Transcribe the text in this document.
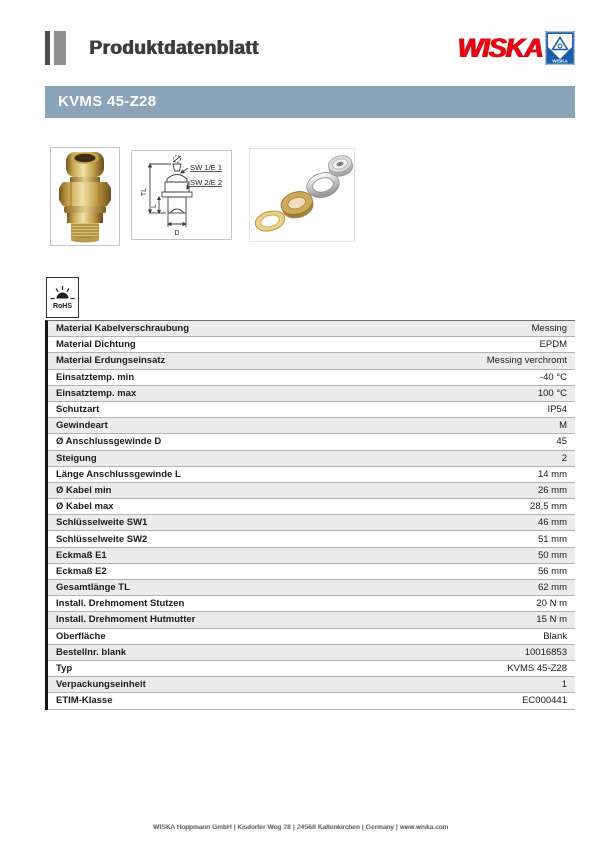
Produktdatenblatt	WISKA WISKA
KVMS 45-Z28
SW 1/E 1
SW 2/E 2
TL
L
D
RoHS
Material Kabelverschraubung	Messing
Material Dichtung	EPDM
Material Erdungseinsatz	Messing verchromt
Einsatztemp. min	-40 °C
Einsatztemp. max	100 °C
Schutzart	IP54
Gewindeart	M
Ø Anschlussgewinde D	45
Steigung	2
Länge Anschlussgewinde L	14 mm
Ø Kabel min	26 mm
Ø Kabel max	28,5 mm
Schlüsselweite SW1	46 mm
Schlüsselweite SW2	51 mm
Eckmaß E1	50 mm
Eckmaß E2	56 mm
Gesamtlänge TL	62 mm
Install. Drehmoment Stutzen	20 N m
Install. Drehmoment Hutmutter	15 N m
Oberfläche	Blank
Bestellnr. blank	10016853
Typ	KVMS 45-Z28
Verpackungseinheit	1
ETIM-Klasse	EC000441
WISKA Hoppmann GmbH | Kisdorfer Weg 28 | 24568 Kaltenkirchen | Germany | www.wiska.com
